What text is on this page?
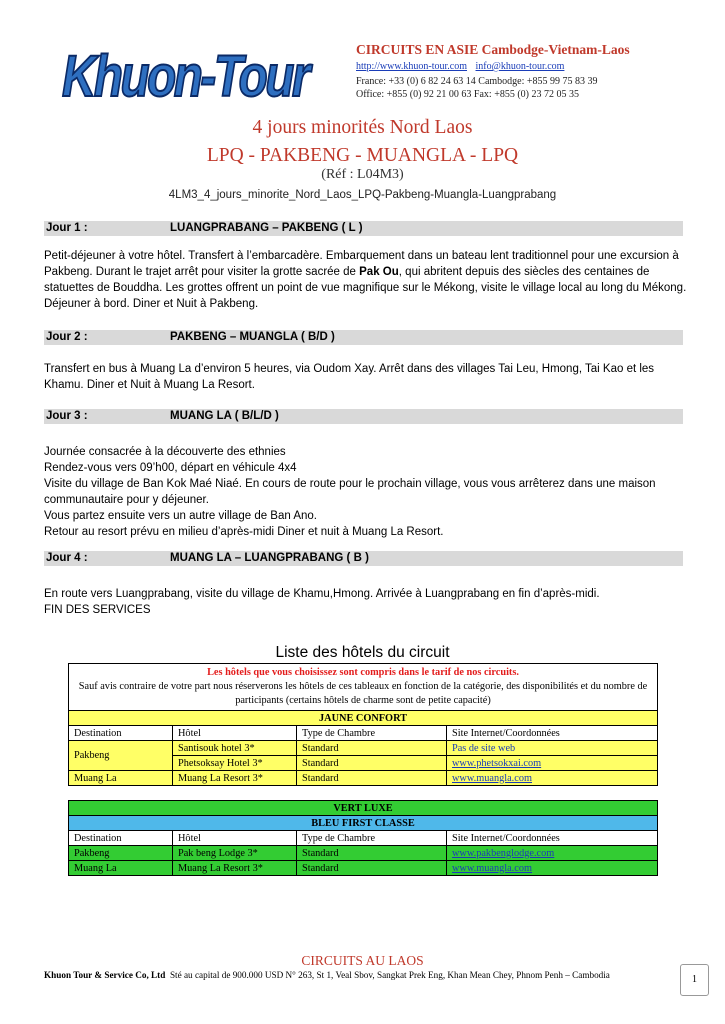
Khuon-Tour	CIRCUITS EN ASIE Cambodge-Vietnam-Laos
http://www.khuon-tour.com info@khuon-tour.com
France: +33 (0) 6 82 24 63 14 Cambodge: +855 99 75 83 39
Office: +855 (0) 92 21 00 63 Fax: +855 (0) 23 72 05 35
4 jours minorités Nord Laos
LPQ - PAKBENG - MUANGLA - LPQ
(Réf : L04M3)
4LM3_4_jours_minorite_Nord_Laos_LPQ-Pakbeng-Muangla-Luangprabang
Jour 1 :	LUANGPRABANG – PAKBENG ( L )
Petit-déjeuner à votre hôtel. Transfert à l’embarcadère. Embarquement dans un bateau lent traditionnel pour une excursion à Pakbeng. Durant le trajet arrêt pour visiter la grotte sacrée de Pak Ou, qui abritent depuis des siècles des centaines de statuettes de Bouddha. Les grottes offrent un point de vue magnifique sur le Mékong, visite le village local au long du Mékong. Déjeuner à bord. Diner et Nuit à Pakbeng.
Jour 2 :	PAKBENG – MUANGLA ( B/D )
Transfert en bus à Muang La d’environ 5 heures, via Oudom Xay. Arrêt dans des villages Tai Leu, Hmong, Tai Kao et les Khamu. Diner et Nuit à Muang La Resort.
Jour 3 :	MUANG LA ( B/L/D )
Journée consacrée à la découverte des ethnies
Rendez-vous vers 09’h00, départ en véhicule 4x4
Visite du village de Ban Kok Maé Niaé. En cours de route pour le prochain village, vous vous arrêterez dans une maison communautaire pour y déjeuner.
Vous partez ensuite vers un autre village de Ban Ano.
Retour au resort prévu en milieu d’après-midi Diner et nuit à Muang La Resort.
Jour 4 :	MUANG LA – LUANGPRABANG ( B )
En route vers Luangprabang, visite du village de Khamu,Hmong. Arrivée à Luangprabang en fin d’après-midi.
FIN DES SERVICES
Liste des hôtels du circuit
Les hôtels que vous choisissez sont compris dans le tarif de nos circuits.
Sauf avis contraire de votre part nous réserverons les hôtels de ces tableaux en fonction de la catégorie, des disponibilités et du nombre de participants (certains hôtels de charme sont de petite capacité)			

JAUNE CONFORT			
Destination	Hôtel	Type de Chambre	Site Internet/Coordonnées
Pakbeng	Santisouk hotel 3*	Standard	Pas de site web
	Phetsoksay Hotel 3*	Standard	www.phetsokxai.com
Muang La	Muang La Resort 3*	Standard	www.muangla.com
VERT LUXE			
BLEU FIRST CLASSE			
Destination	Hôtel	Type de Chambre	Site Internet/Coordonnées
Pakbeng	Pak beng Lodge 3*	Standard	www.pakbenglodge.com
Muang La	Muang La Resort 3*	Standard	www.muangla.com
CIRCUITS AU LAOS
Khuon Tour & Service Co, Ltd Sté au capital de 900.000 USD N° 263, St 1, Veal Sbov, Sangkat Prek Eng, Khan Mean Chey, Phnom Penh – Cambodia	1
